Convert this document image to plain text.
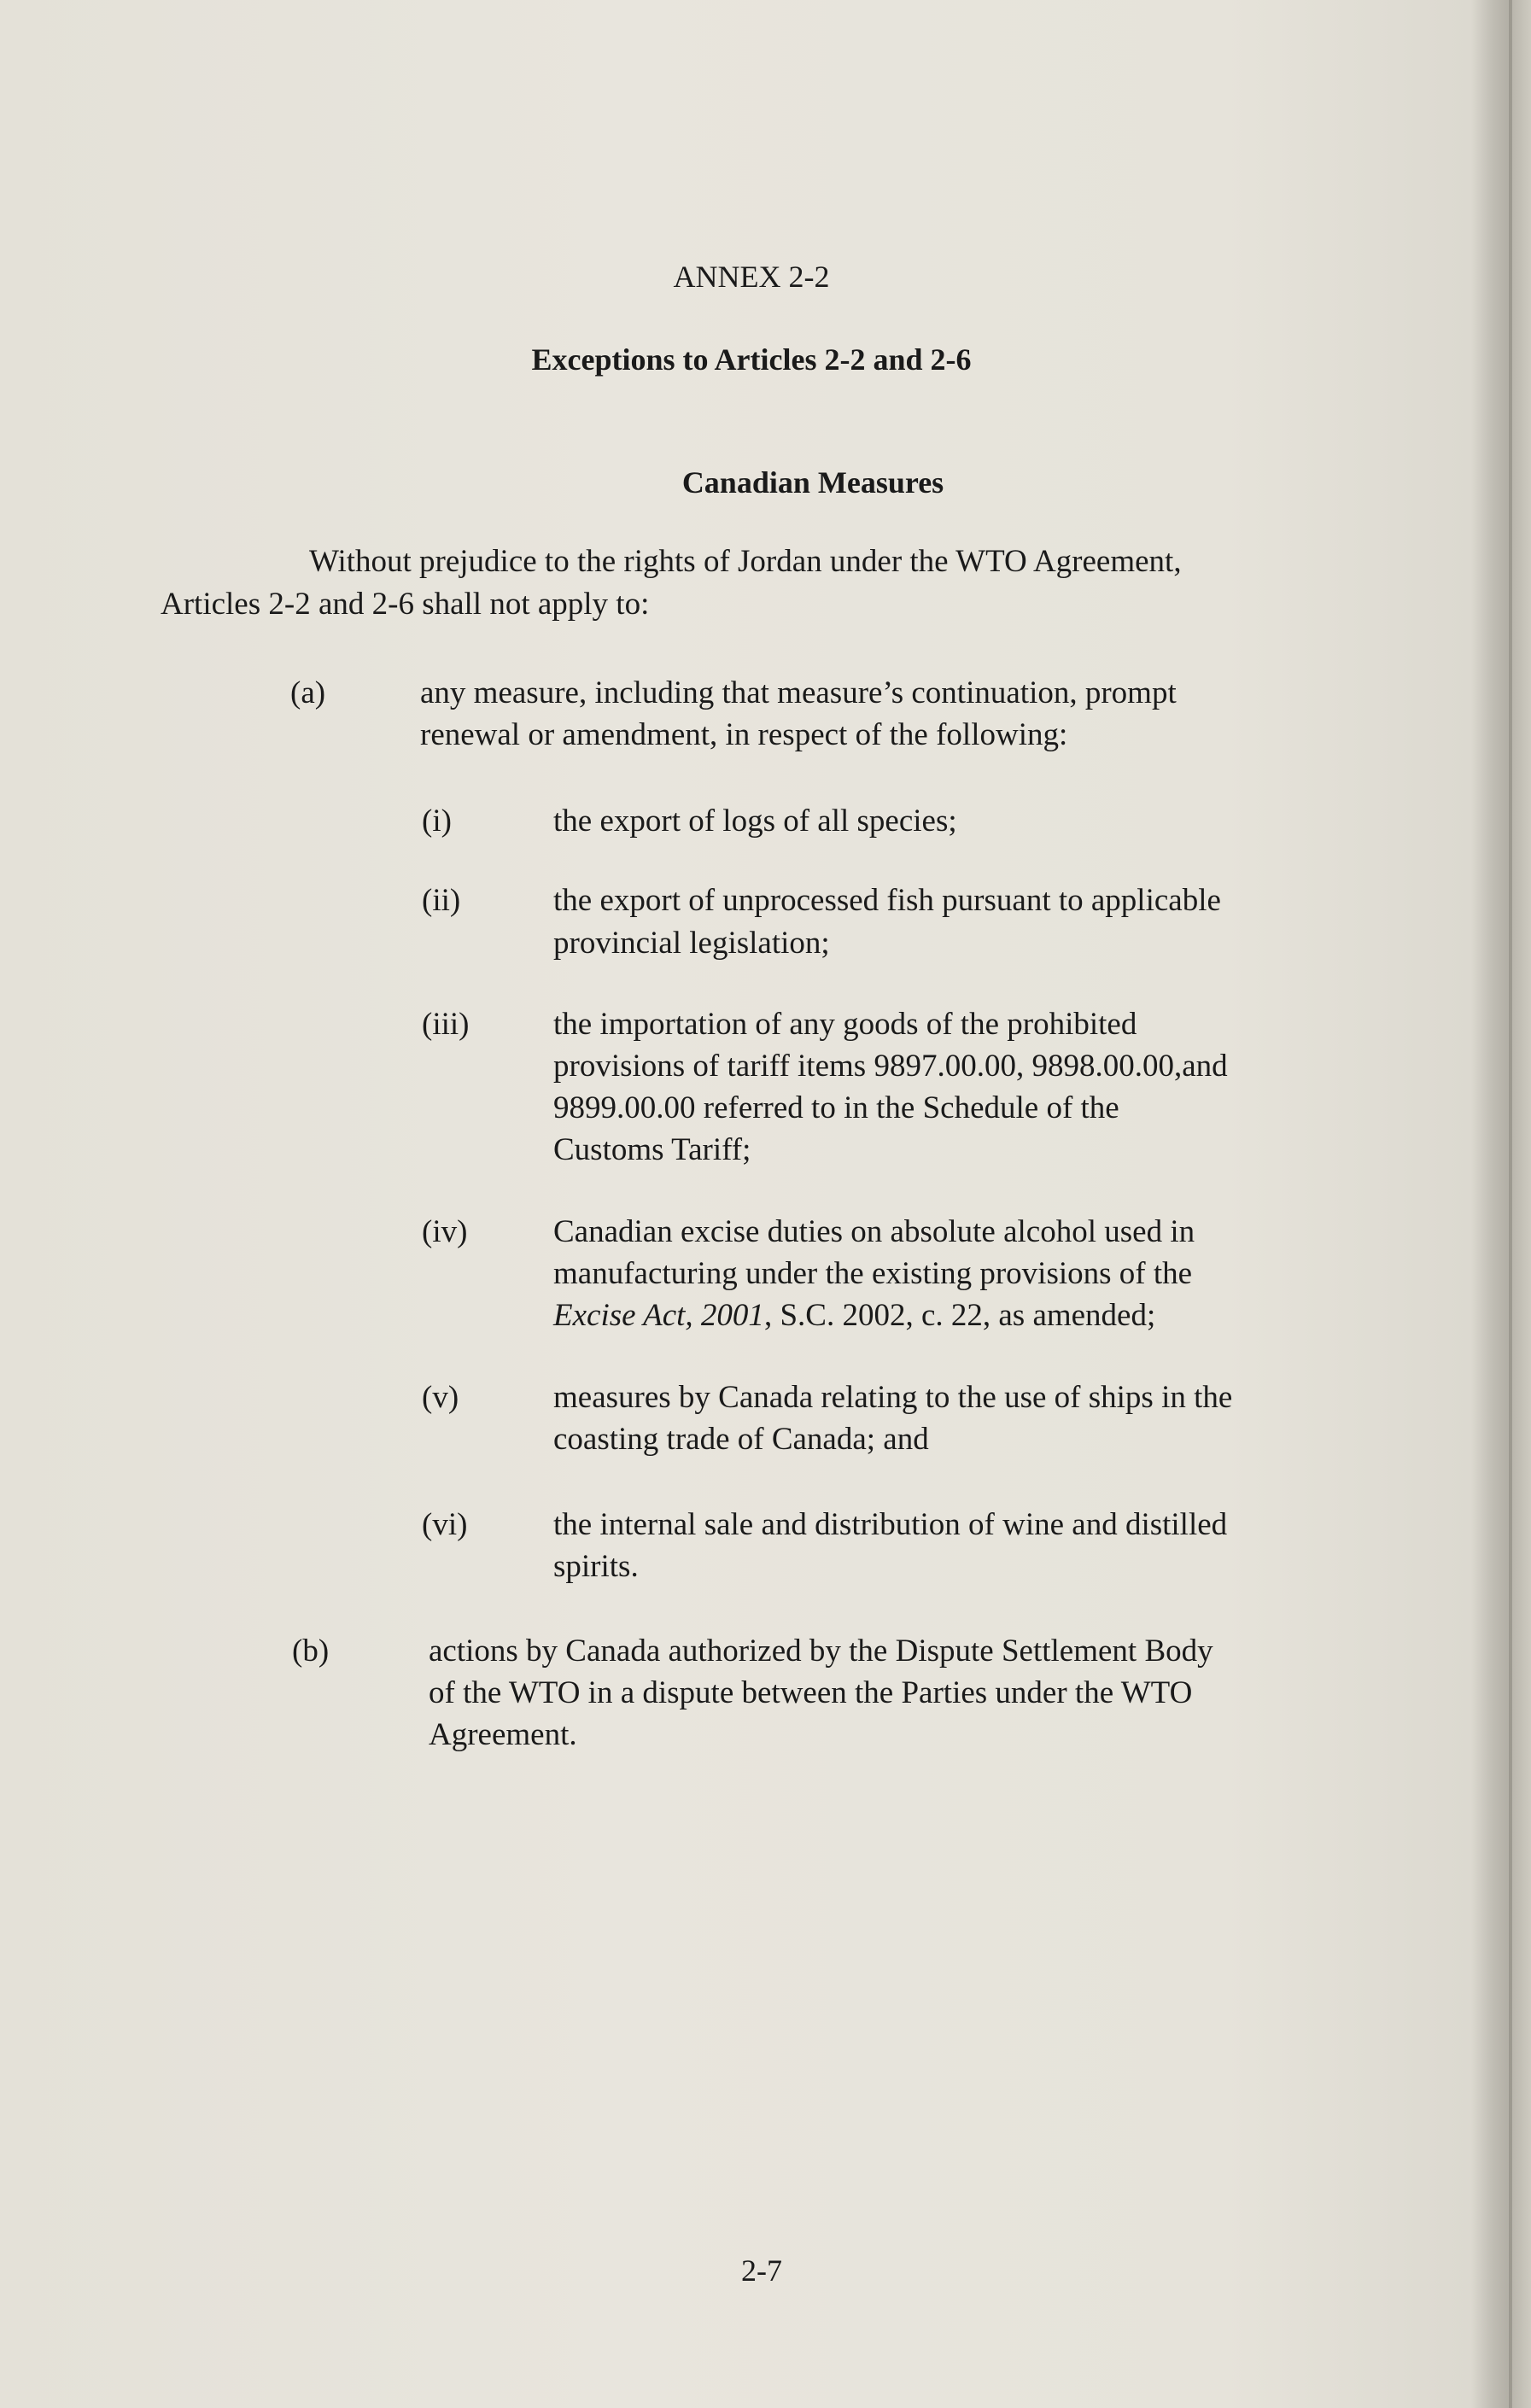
ANNEX 2-2
Exceptions to Articles 2-2 and 2-6
Canadian Measures
Without prejudice to the rights of Jordan under the WTO Agreement,
Articles 2-2 and 2-6 shall not apply to:
(a)	any measure, including that measure’s continuation, prompt
renewal or amendment, in respect of the following:
(i)	the export of logs of all species;
(ii)	the export of unprocessed fish pursuant to applicable
provincial legislation;
(iii)	the importation of any goods of the prohibited
provisions of tariff items 9897.00.00, 9898.00.00,and
9899.00.00 referred to in the Schedule of the
Customs Tariff;
(iv)	Canadian excise duties on absolute alcohol used in
manufacturing under the existing provisions of the
Excise Act, 2001, S.C. 2002, c. 22, as amended;
(v)	measures by Canada relating to the use of ships in the
coasting trade of Canada; and
(vi)	the internal sale and distribution of wine and distilled
spirits.
(b)	actions by Canada authorized by the Dispute Settlement Body
of the WTO in a dispute between the Parties under the WTO
Agreement.
2-7
